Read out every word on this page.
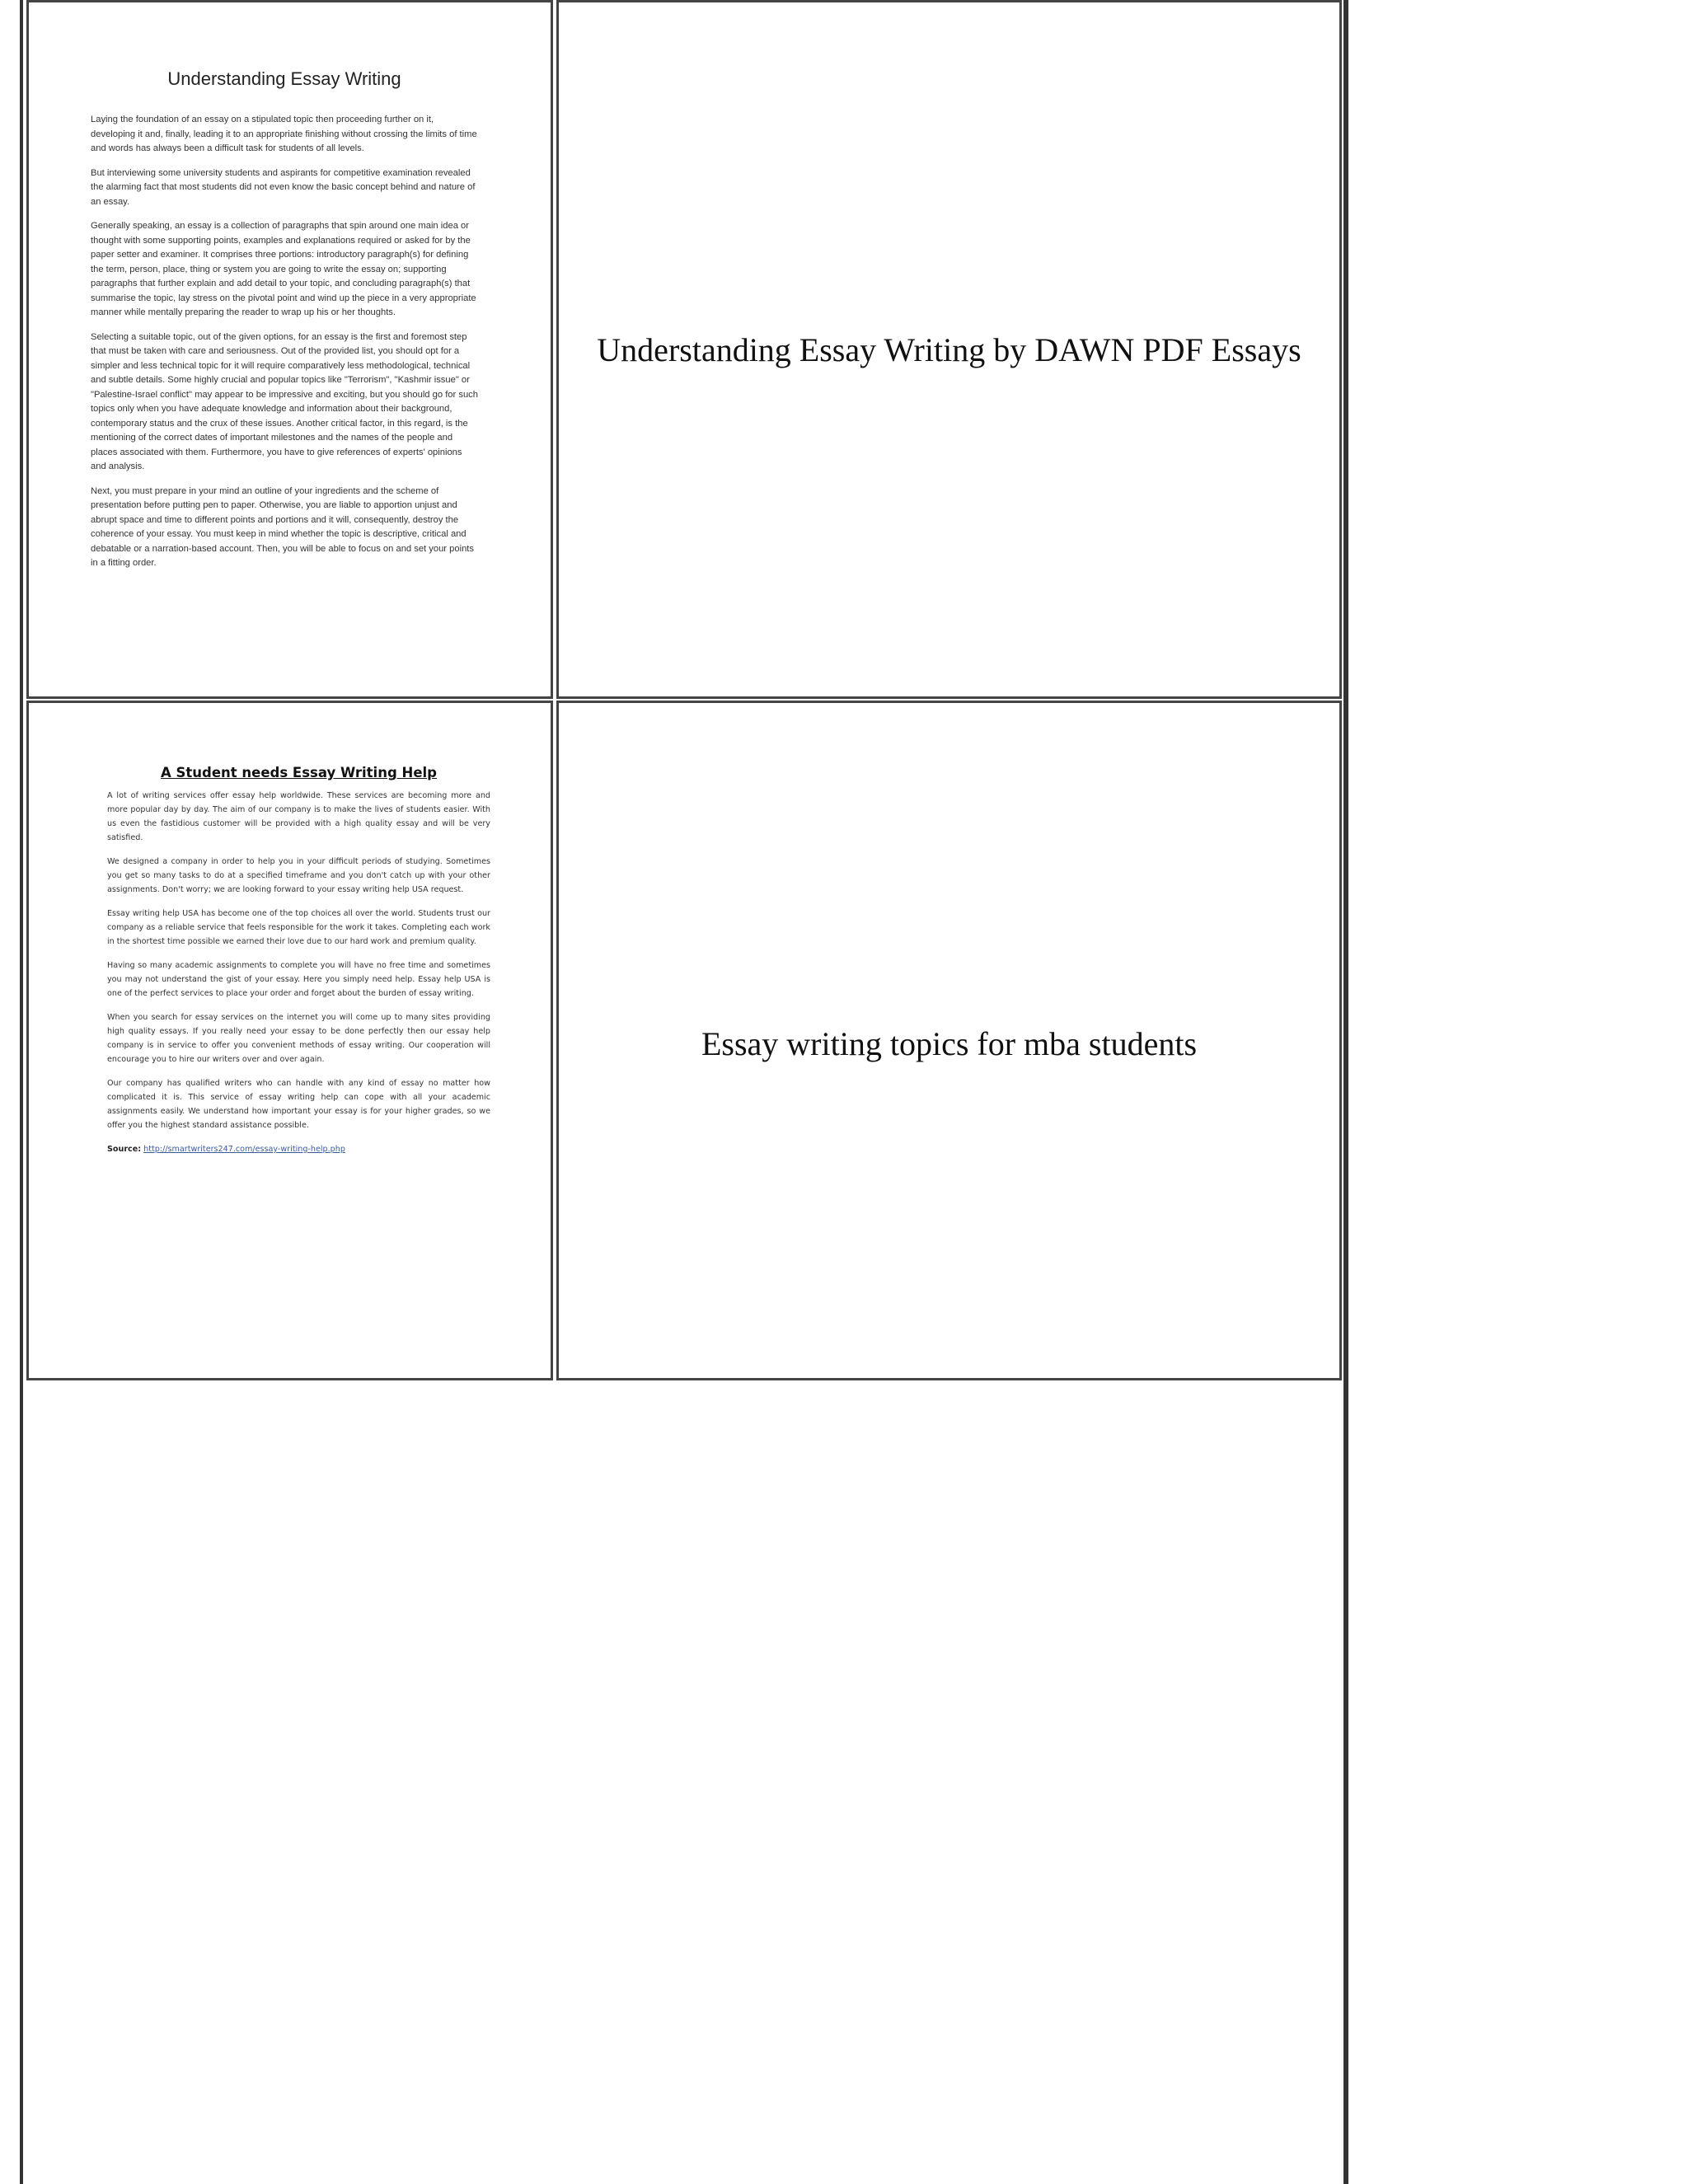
Understanding Essay Writing

Laying the foundation of an essay on a stipulated topic then proceeding further on it, developing it and, finally, leading it to an appropriate finishing without crossing the limits of time and words has always been a difficult task for students of all levels.

But interviewing some university students and aspirants for competitive examination revealed the alarming fact that most students did not even know the basic concept behind and nature of an essay.

Generally speaking, an essay is a collection of paragraphs that spin around one main idea or thought with some supporting points, examples and explanations required or asked for by the paper setter and examiner. It comprises three portions: introductory paragraph(s) for defining the term, person, place, thing or system you are going to write the essay on; supporting paragraphs that further explain and add detail to your topic, and concluding paragraph(s) that summarise the topic, lay stress on the pivotal point and wind up the piece in a very appropriate manner while mentally preparing the reader to wrap up his or her thoughts.

Selecting a suitable topic, out of the given options, for an essay is the first and foremost step that must be taken with care and seriousness. Out of the provided list, you should opt for a simpler and less technical topic for it will require comparatively less methodological, technical and subtle details. Some highly crucial and popular topics like "Terrorism", "Kashmir issue" or "Palestine-Israel conflict" may appear to be impressive and exciting, but you should go for such topics only when you have adequate knowledge and information about their background, contemporary status and the crux of these issues. Another critical factor, in this regard, is the mentioning of the correct dates of important milestones and the names of the people and places associated with them. Furthermore, you have to give references of experts' opinions and analysis.

Next, you must prepare in your mind an outline of your ingredients and the scheme of presentation before putting pen to paper. Otherwise, you are liable to apportion unjust and abrupt space and time to different points and portions and it will, consequently, destroy the coherence of your essay. You must keep in mind whether the topic is descriptive, critical and debatable or a narration-based account. Then, you will be able to focus on and set your points in a fitting order.

Understanding Essay Writing by DAWN PDF Essays
A Student needs Essay Writing Help

A lot of writing services offer essay help worldwide. These services are becoming more and more popular day by day. The aim of our company is to make the lives of students easier. With us even the fastidious customer will be provided with a high quality essay and will be very satisfied.

We designed a company in order to help you in your difficult periods of studying. Sometimes you get so many tasks to do at a specified timeframe and you don't catch up with your other assignments. Don't worry; we are looking forward to your essay writing help USA request.

Essay writing help USA has become one of the top choices all over the world. Students trust our company as a reliable service that feels responsible for the work it takes. Completing each work in the shortest time possible we earned their love due to our hard work and premium quality.

Having so many academic assignments to complete you will have no free time and sometimes you may not understand the gist of your essay. Here you simply need help. Essay help USA is one of the perfect services to place your order and forget about the burden of essay writing.

When you search for essay services on the internet you will come up to many sites providing high quality essays. If you really need your essay to be done perfectly then our essay help company is in service to offer you convenient methods of essay writing. Our cooperation will encourage you to hire our writers over and over again.

Our company has qualified writers who can handle with any kind of essay no matter how complicated it is. This service of essay writing help can cope with all your academic assignments easily. We understand how important your essay is for your higher grades, so we offer you the highest standard assistance possible.

Source: http://smartwriters247.com/essay-writing-help.php
Essay writing topics for mba students
